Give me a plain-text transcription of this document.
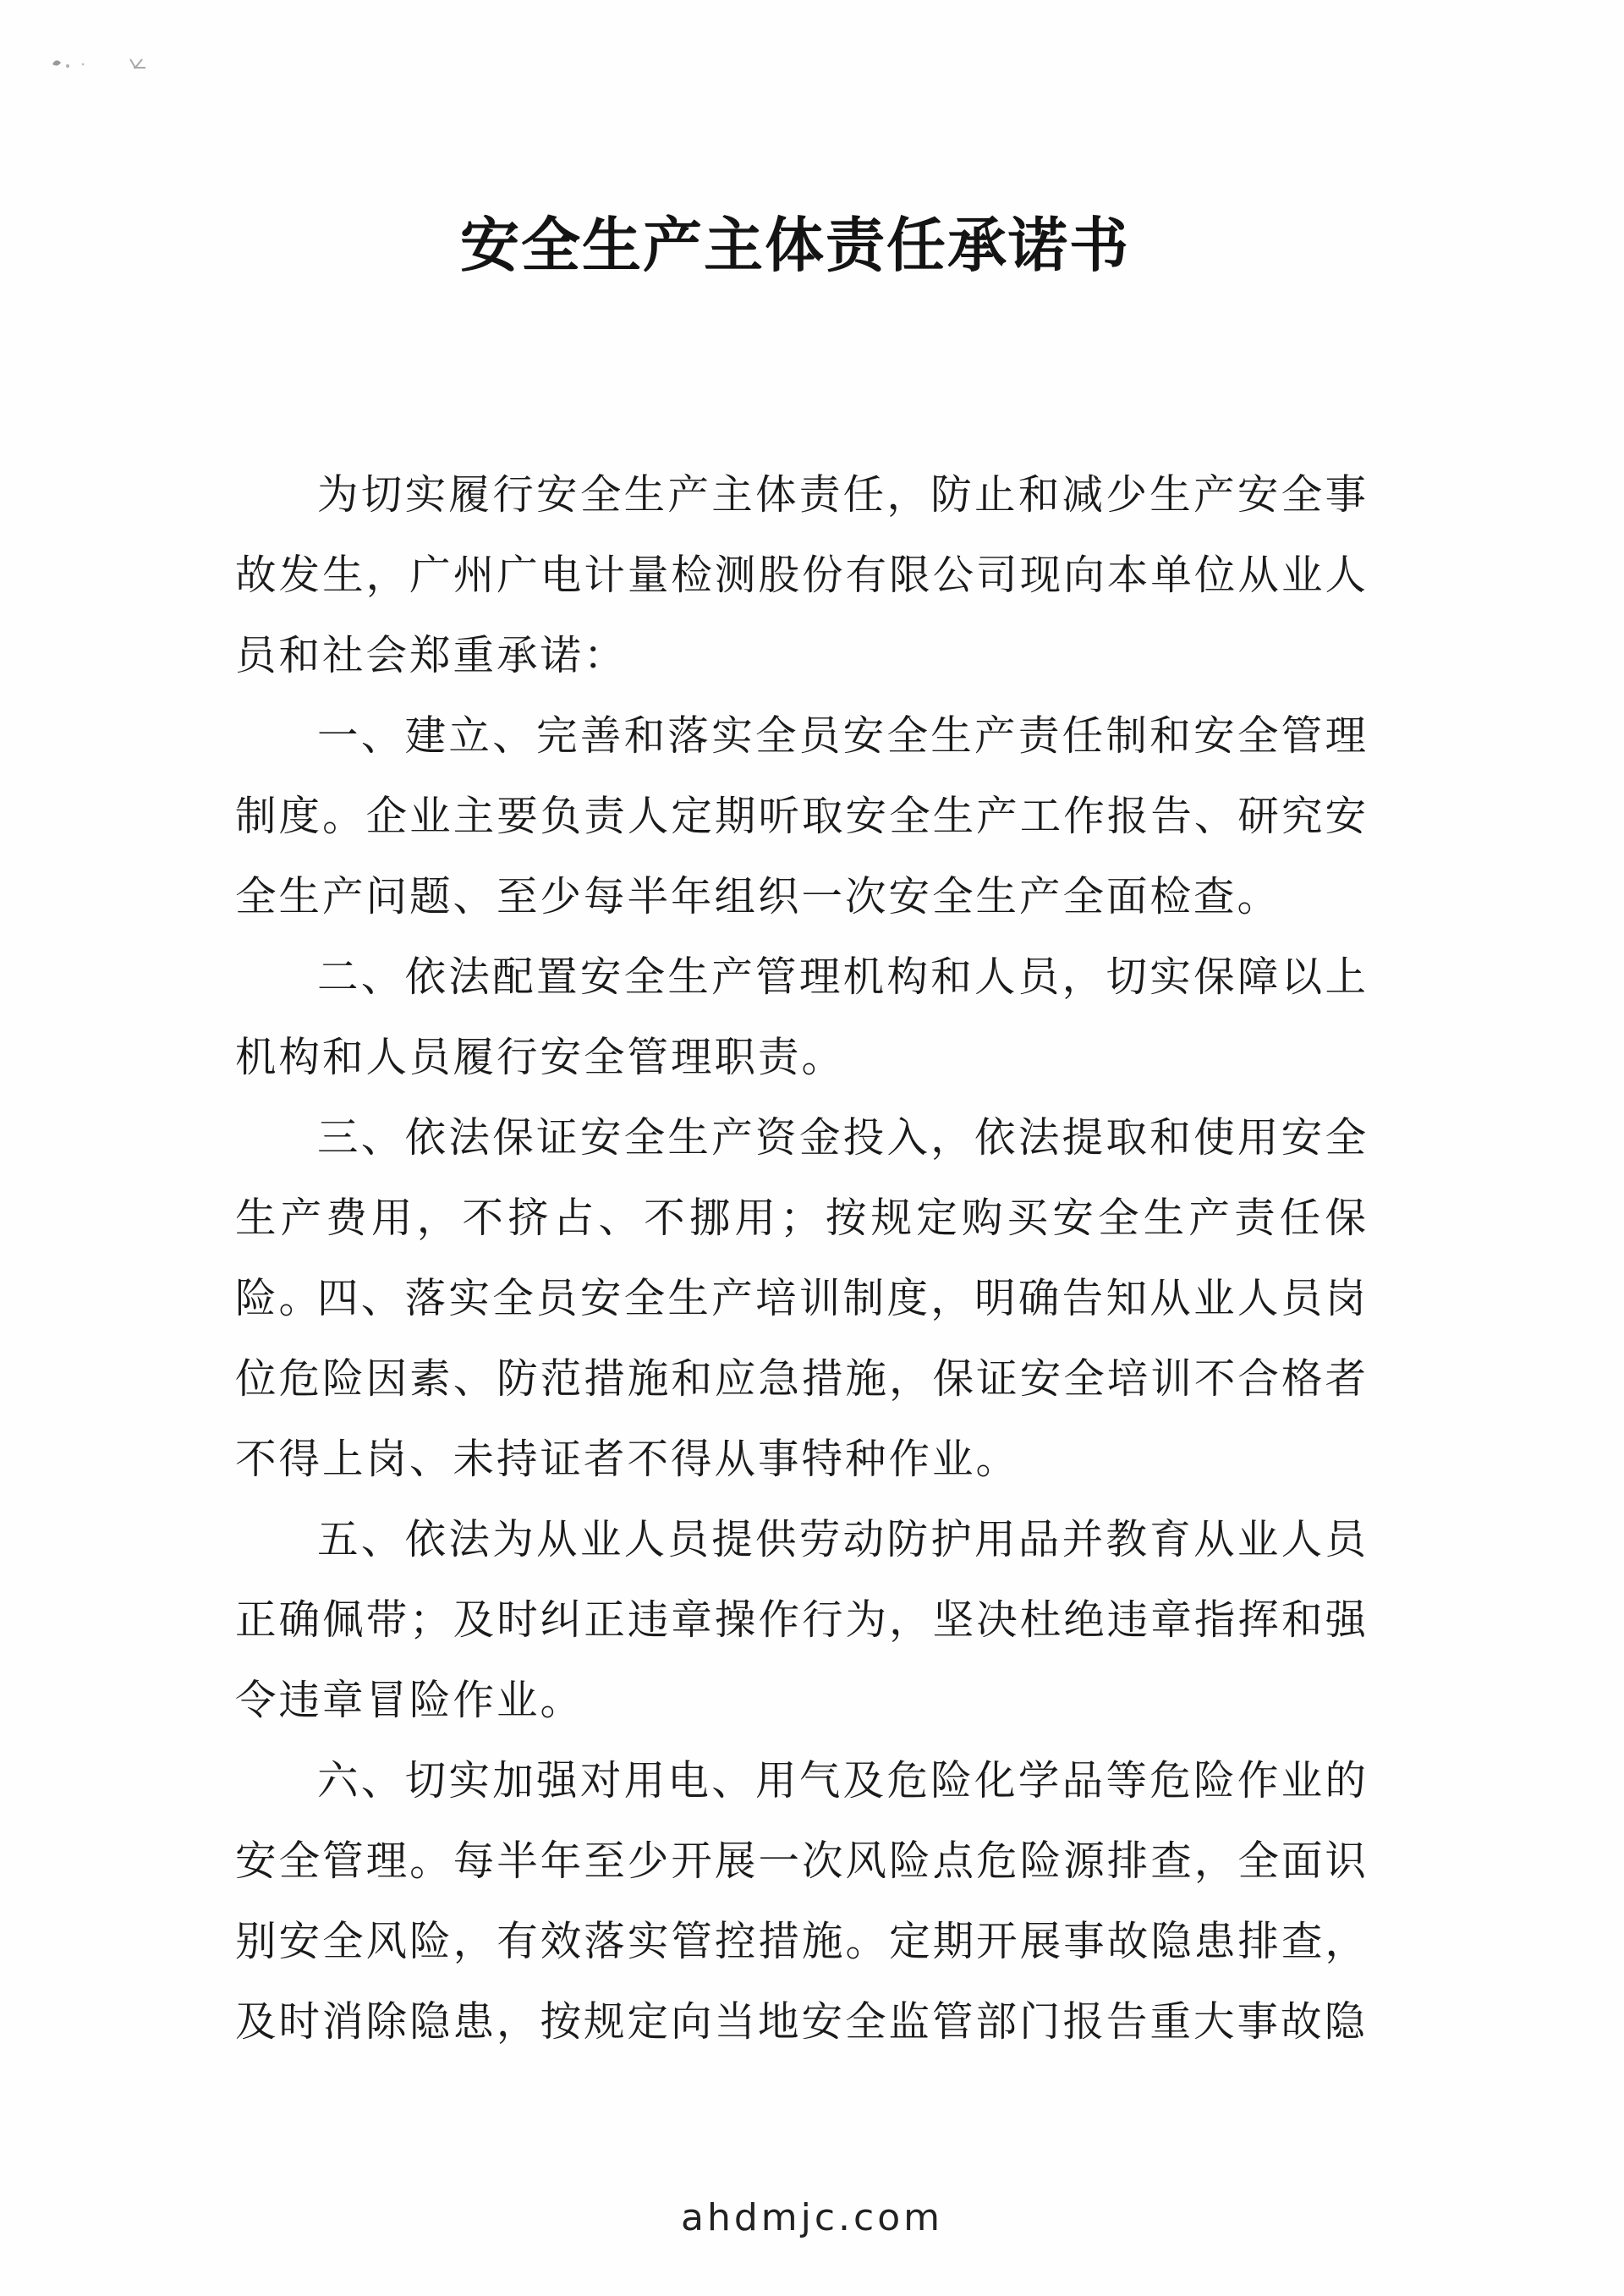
安全生产主体责任承诺书

为切实履行安全生产主体责任，防止和减少生产安全事故发生，广州广电计量检测股份有限公司现向本单位从业人员和社会郑重承诺：

一、建立、完善和落实全员安全生产责任制和安全管理制度。企业主要负责人定期听取安全生产工作报告、研究安全生产问题、至少每半年组织一次安全生产全面检查。

二、依法配置安全生产管理机构和人员，切实保障以上机构和人员履行安全管理职责。

三、依法保证安全生产资金投入，依法提取和使用安全生产费用，不挤占、不挪用；按规定购买安全生产责任保险。

四、落实全员安全生产培训制度，明确告知从业人员岗位危险因素、防范措施和应急措施，保证安全培训不合格者不得上岗、未持证者不得从事特种作业。

五、依法为从业人员提供劳动防护用品并教育从业人员正确佩带；及时纠正违章操作行为，坚决杜绝违章指挥和强令违章冒险作业。

六、切实加强对用电、用气及危险化学品等危险作业的安全管理。每半年至少开展一次风险点危险源排查，全面识别安全风险，有效落实管控措施。定期开展事故隐患排查，及时消除隐患，按规定向当地安全监管部门报告重大事故隐

ahdmjc.com
